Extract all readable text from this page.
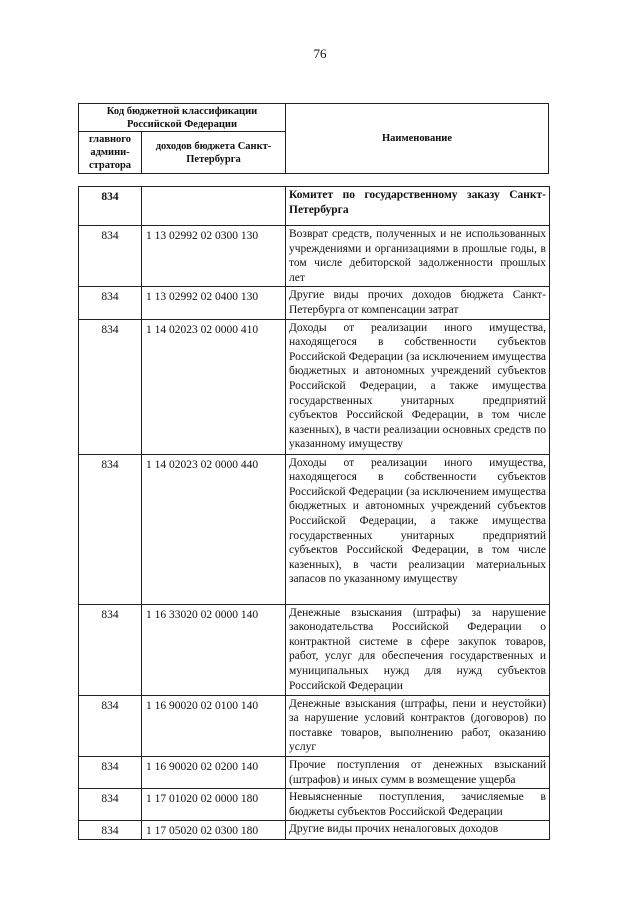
76
Код бюджетной классификации Российской Федерации		Наименование
главного админи-стратора	доходов бюджета Санкт-Петербурга	
834		Комитет по государственному заказу Санкт-Петербурга
834	1 13 02992 02 0300 130	Возврат средств, полученных и не использованных учреждениями и организациями в прошлые годы, в том числе дебиторской задолженности прошлых лет
834	1 13 02992 02 0400 130	Другие виды прочих доходов бюджета Санкт-Петербурга от компенсации затрат
834	1 14 02023 02 0000 410	Доходы от реализации иного имущества, находящегося в собственности субъектов Российской Федерации (за исключением имущества бюджетных и автономных учреждений субъектов Российской Федерации, а также имущества государственных унитарных предприятий субъектов Российской Федерации, в том числе казенных), в части реализации основных средств по указанному имуществу
834	1 14 02023 02 0000 440	Доходы от реализации иного имущества, находящегося в собственности субъектов Российской Федерации (за исключением имущества бюджетных и автономных учреждений субъектов Российской Федерации, а также имущества государственных унитарных предприятий субъектов Российской Федерации, в том числе казенных), в части реализации материальных запасов по указанному имуществу
834	1 16 33020 02 0000 140	Денежные взыскания (штрафы) за нарушение законодательства Российской Федерации о контрактной системе в сфере закупок товаров, работ, услуг для обеспечения государственных и муниципальных нужд для нужд субъектов Российской Федерации
834	1 16 90020 02 0100 140	Денежные взыскания (штрафы, пени и неустойки) за нарушение условий контрактов (договоров) по поставке товаров, выполнению работ, оказанию услуг
834	1 16 90020 02 0200 140	Прочие поступления от денежных взысканий (штрафов) и иных сумм в возмещение ущерба
834	1 17 01020 02 0000 180	Невыясненные поступления, зачисляемые в бюджеты субъектов Российской Федерации
834	1 17 05020 02 0300 180	Другие виды прочих неналоговых доходов
